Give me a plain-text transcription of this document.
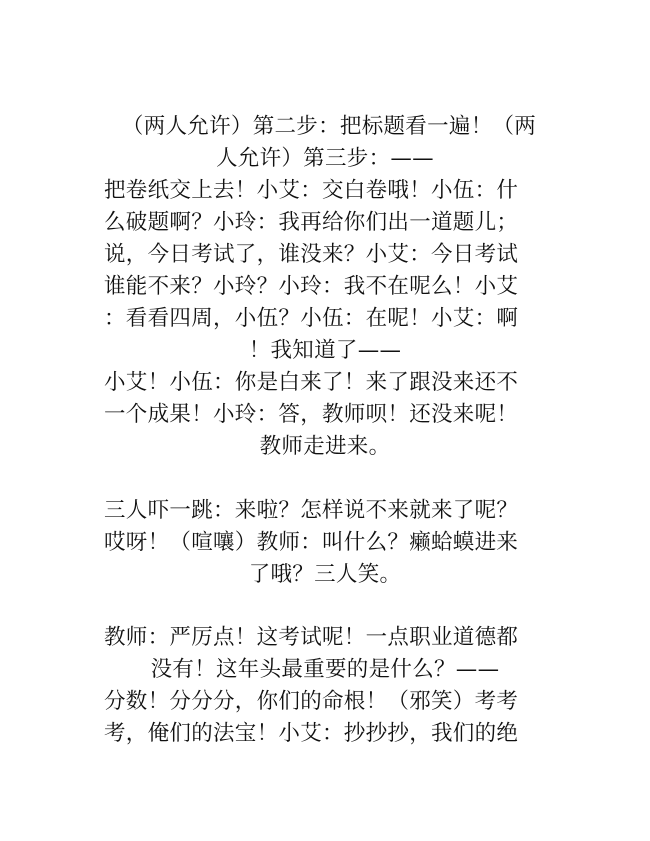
（两人允许）第二步：把标题看一遍！（两
人允许）第三步：——
把卷纸交上去！小艾：交白卷哦！小伍：什
么破题啊？小玲：我再给你们出一道题儿；
说，今日考试了，谁没来？小艾：今日考试
谁能不来？小玲？小玲：我不在呢么！小艾
：看看四周，小伍？小伍：在呢！小艾：啊
！我知道了——
小艾！小伍：你是白来了！来了跟没来还不
一个成果！小玲：答，教师呗！还没来呢！
教师走进来。
三人吓一跳：来啦？怎样说不来就来了呢？
哎呀！（喧嚷）教师：叫什么？癞蛤蟆进来
了哦？三人笑。
教师：严厉点！这考试呢！一点职业道德都
没有！这年头最重要的是什么？——
分数！分分分，你们的命根！（邪笑）考考
考，俺们的法宝！小艾：抄抄抄，我们的绝
